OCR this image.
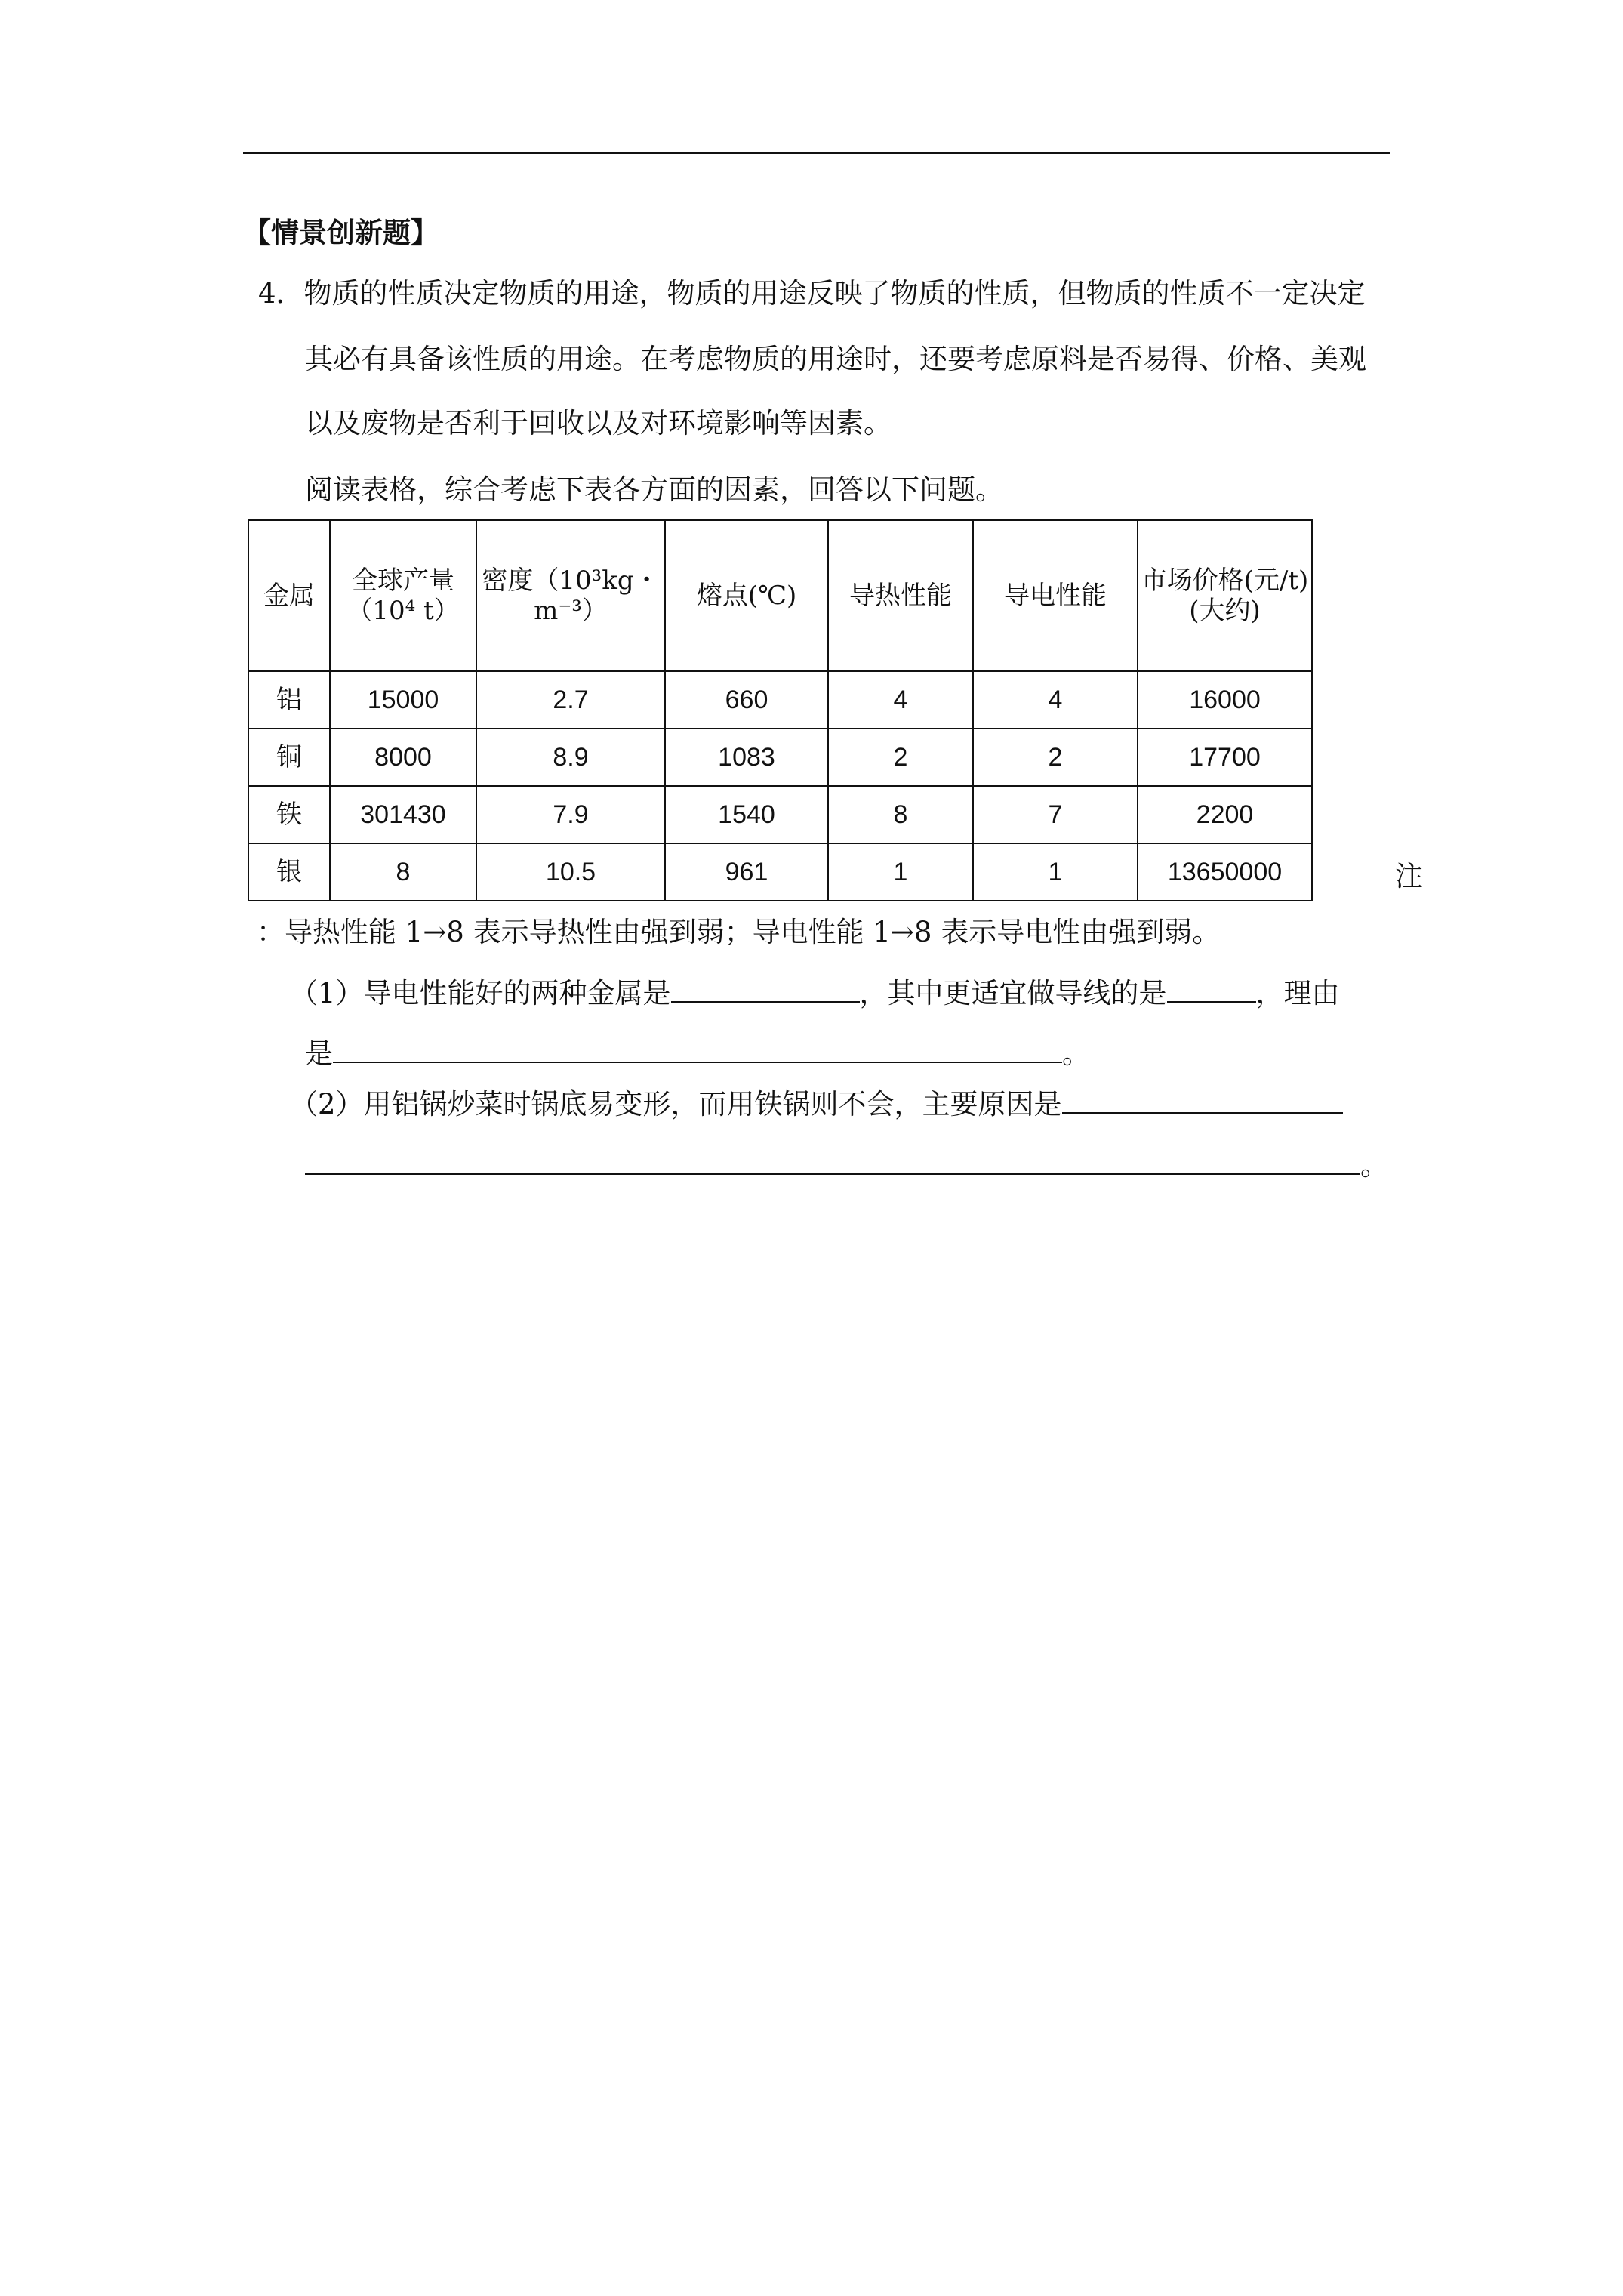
【情景创新题】
4．物质的性质决定物质的用途，物质的用途反映了物质的性质，但物质的性质不一定决定
其必有具备该性质的用途。在考虑物质的用途时，还要考虑原料是否易得、价格、美观
以及废物是否利于回收以及对环境影响等因素。
阅读表格，综合考虑下表各方面的因素，回答以下问题。
金属	全球产量（10⁴ t）	密度（10³kg・m⁻³）	熔点(℃)	导热性能	导电性能	市场价格(元/t)(大约)
铝	15000	2.7	660	4	4	16000
铜	8000	8.9	1083	2	2	17700
铁	301430	7.9	1540	8	7	2200
银	8	10.5	961	1	1	13650000	注
：导热性能 1→8 表示导热性由强到弱；导电性能 1→8 表示导电性由强到弱。
（1）导电性能好的两种金属是	，其中更适宜做导线的是	，理由
是	。
（2）用铝锅炒菜时锅底易变形，而用铁锅则不会，主要原因是
。
